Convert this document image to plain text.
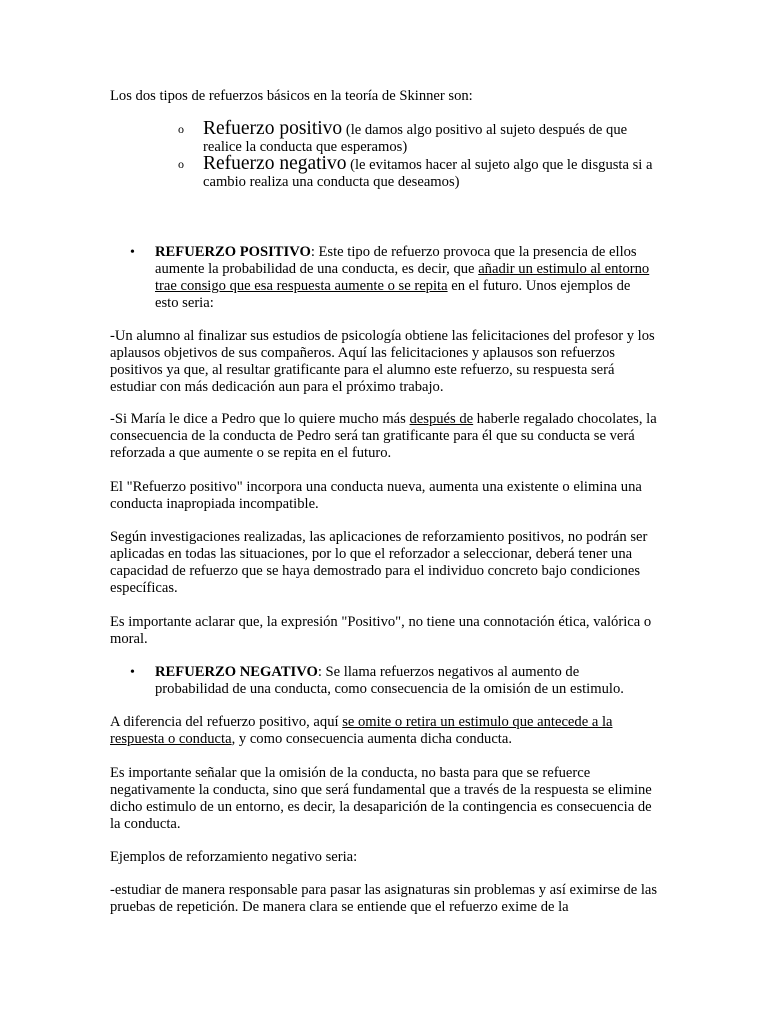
Los dos tipos de refuerzos básicos en la teoría de Skinner son:

o Refuerzo positivo (le damos algo positivo al sujeto después de que realice la conducta que esperamos)
o Refuerzo negativo (le evitamos hacer al sujeto algo que le disgusta si a cambio realiza una conducta que deseamos)
• REFUERZO POSITIVO: Este tipo de refuerzo provoca que la presencia de ellos aumente la probabilidad de una conducta, es decir, que añadir un estimulo al entorno trae consigo que esa respuesta aumente o se repita en el futuro. Unos ejemplos de esto seria:

-Un alumno al finalizar sus estudios de psicología obtiene las felicitaciones del profesor y los aplausos objetivos de sus compañeros. Aquí las felicitaciones y aplausos son refuerzos positivos ya que, al resultar gratificante para el alumno este refuerzo, su respuesta será estudiar con más dedicación aun para el próximo trabajo.

-Si María le dice a Pedro que lo quiere mucho más después de haberle regalado chocolates, la consecuencia de la conducta de Pedro será tan gratificante para él que su conducta se verá reforzada a que aumente o se repita en el futuro.

El "Refuerzo positivo" incorpora una conducta nueva, aumenta una existente o elimina una conducta inapropiada incompatible.

Según investigaciones realizadas, las aplicaciones de reforzamiento positivos, no podrán ser aplicadas en todas las situaciones, por lo que el reforzador a seleccionar, deberá tener una capacidad de refuerzo que se haya demostrado para el individuo concreto bajo condiciones específicas.

Es importante aclarar que, la expresión "Positivo", no tiene una connotación ética, valórica o moral.

• REFUERZO NEGATIVO: Se llama refuerzos negativos al aumento de probabilidad de una conducta, como consecuencia de la omisión de un estimulo.

A diferencia del refuerzo positivo, aquí se omite o retira un estimulo que antecede a la respuesta o conducta, y como consecuencia aumenta dicha conducta.

Es importante señalar que la omisión de la conducta, no basta para que se refuerce negativamente la conducta, sino que será fundamental que a través de la respuesta se elimine dicho estimulo de un entorno, es decir, la desaparición de la contingencia es consecuencia de la conducta.

Ejemplos de reforzamiento negativo seria:

-estudiar de manera responsable para pasar las asignaturas sin problemas y así eximirse de las pruebas de repetición. De manera clara se entiende que el refuerzo exime de la
